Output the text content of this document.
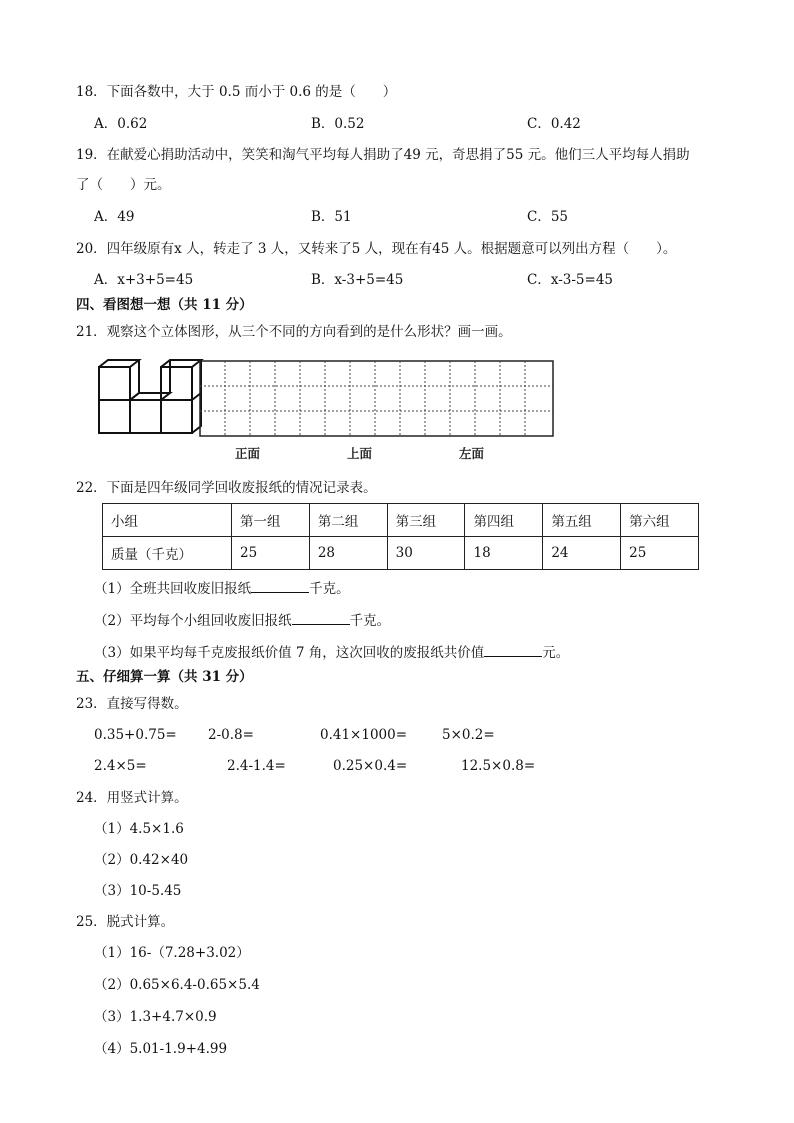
18．下面各数中，大于 0.5 而小于 0.6 的是（　　）
A．0.62	B．0.52	C．0.42
19．在献爱心捐助活动中，笑笑和淘气平均每人捐助了49 元，奇思捐了55 元。他们三人平均每人捐助
了（　　）元。
A．49	B．51	C．55
20．四年级原有x 人，转走了 3 人，又转来了5 人，现在有45 人。根据题意可以列出方程（　　）。
A．x+3+5=45	B．x-3+5=45	C．x-3-5=45
四、看图想一想（共 11 分）
21．观察这个立体图形，从三个不同的方向看到的是什么形状？画一画。
正面	上面	左面
22．下面是四年级同学回收废报纸的情况记录表。
小组	第一组	第二组	第三组	第四组	第五组	第六组
质量（千克）	25	28	30	18	24	25
（1）全班共回收废旧报纸	千克。
（2）平均每个小组回收废旧报纸	千克。
（3）如果平均每千克废报纸价值 7 角，这次回收的废报纸共价值	元。
五、仔细算一算（共 31 分）
23．直接写得数。
0.35+0.75= 2-0.8=	0.41×1000=	5×0.2=
2.4×5=	2.4-1.4=	0.25×0.4=	12.5×0.8=
24．用竖式计算。
（1）4.5×1.6
（2）0.42×40
（3）10-5.45
25．脱式计算。
（1）16-（7.28+3.02）
（2）0.65×6.4-0.65×5.4
（3）1.3+4.7×0.9
（4）5.01-1.9+4.99
